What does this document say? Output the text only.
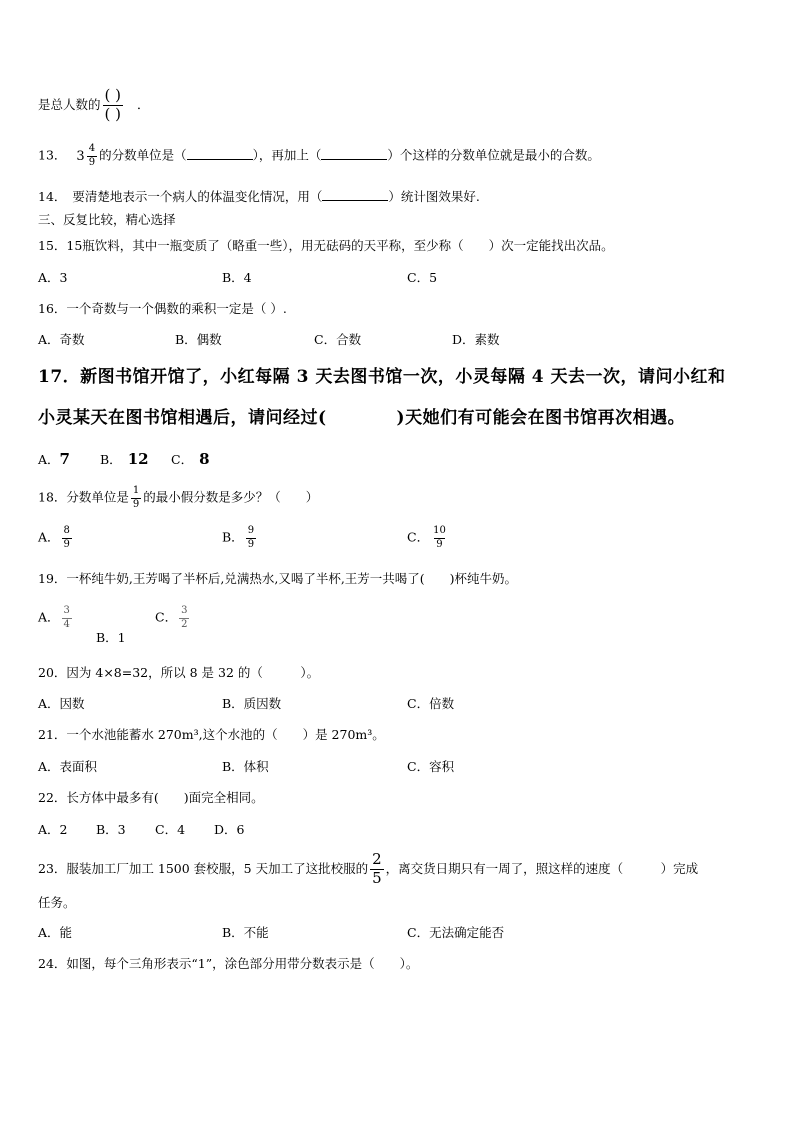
是总人数的 $\frac{( )}{( )}$ ．
13． $3 \frac{4}{9}$ 的分数单位是（	），再加上（	）个这样的分数单位就是最小的合数。
14． 要清楚地表示一个病人的体温变化情况，用（	）统计图效果好.
三、反复比较，精心选择
15．15瓶饮料，其中一瓶变质了（略重一些），用无砝码的天平称，至少称（　　）次一定能找出次品。
A．3	B．4	C．5
16．一个奇数与一个偶数的乘积一定是（ ）.
A．奇数	B．偶数	C．合数	D．素数
17．新图书馆开馆了，小红每隔 3 天去图书馆一次，小灵每隔 4 天去一次，请问小红和
小灵某天在图书馆相遇后，请问经过(　　　　)天她们有可能会在图书馆再次相遇。
A．7 B． 12 C． 8
18．分数单位是 $\frac{1}{9}$ 的最小假分数是多少？（　　）
A． $\frac{8}{9}$	B． $\frac{9}{9}$	C． $\frac{10}{9}$
19．一杯纯牛奶,王芳喝了半杯后,兑满热水,又喝了半杯,王芳一共喝了(　　)杯纯牛奶。
A． $\frac{3}{4}$
B．1
C． $\frac{3}{2}$
20．因为 4×8=32，所以 8 是 32 的（　　　）。
A．因数	B．质因数	C．倍数
21．一个水池能蓄水 270m³,这个水池的（　　）是 270m³。
A．表面积	B．体积	C．容积
22．长方体中最多有(　　)面完全相同。
A．2 B．3 C．4 D．6
23．服装加工厂加工 1500 套校服，5 天加工了这批校服的 $\frac{2}{5}$ ，离交货日期只有一周了，照这样的速度（　　　）完成
任务。
A．能	B．不能	C．无法确定能否
24．如图，每个三角形表示“1”，涂色部分用带分数表示是（　　）。
